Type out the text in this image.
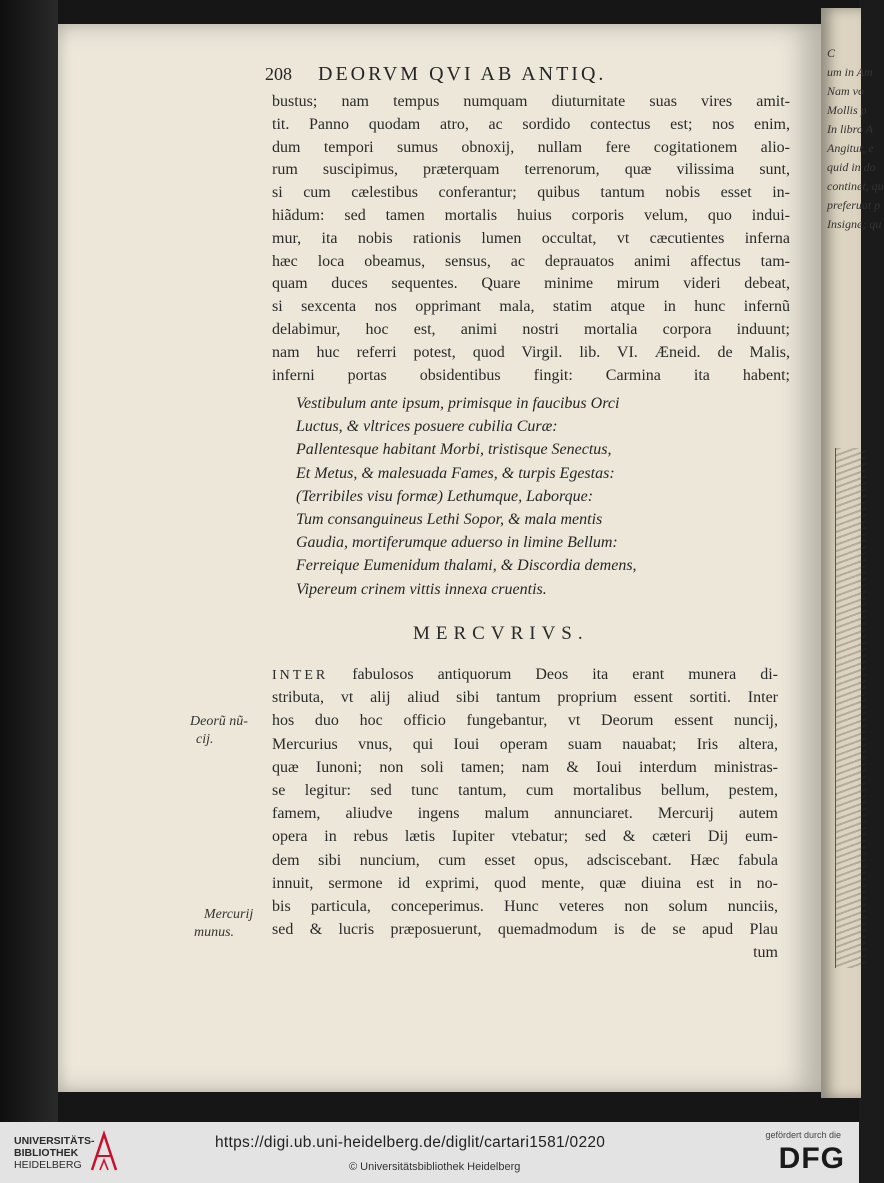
C
um in Am
Nam vo
Mollis p
In libro A
Angitur, e
quid in do
continet, qu
preferuat p
Insigne; qu
208 DEORVM QVI AB ANTIQ.
bustus; nam tempus numquam diuturnitate suas vires amit-
tit. Panno quodam atro, ac sordido contectus est; nos enim,
dum tempori sumus obnoxij, nullam fere cogitationem alio-
rum suscipimus, præterquam terrenorum, quæ vilissima sunt,
si cum cælestibus conferantur; quibus tantum nobis esset in-
hiãdum: sed tamen mortalis huius corporis velum, quo indui-
mur, ita nobis rationis lumen occultat, vt cæcutientes inferna
hæc loca obeamus, sensus, ac deprauatos animi affectus tam-
quam duces sequentes. Quare minime mirum videri debeat,
si sexcenta nos opprimant mala, statim atque in hunc infernũ
delabimur, hoc est, animi nostri mortalia corpora induunt;
nam huc referri potest, quod Virgil. lib. VI. Æneid. de Malis,
inferni portas obsidentibus fingit: Carmina ita habent;
Vestibulum ante ipsum, primisque in faucibus Orci
Luctus, & vltrices posuere cubilia Curæ:
Pallentesque habitant Morbi, tristisque Senectus,
Et Metus, & malesuada Fames, & turpis Egestas:
(Terribiles visu formæ) Lethumque, Laborque:
Tum consanguineus Lethi Sopor, & mala mentis
Gaudia, mortiferumque aduerso in limine Bellum:
Ferreique Eumenidum thalami, & Discordia demens,
Viperеum crinem vittis innexa cruentis.
MERCVRIVS.
INTER fabulosos antiquorum Deos ita erant munera di-
stributa, vt alij aliud sibi tantum proprium essent sortiti. Inter
hos duo hoc officio fungebantur, vt Deorum essent nuncij,
Mercurius vnus, qui Ioui operam suam nauabat; Iris altera,
quæ Iunoni; non soli tamen; nam & Ioui interdum ministras-
se legitur: sed tunc tantum, cum mortalibus bellum, pestem,
famem, aliudve ingens malum annunciaret. Mercurij autem
opera in rebus lætis Iupiter vtebatur; sed & cæteri Dij eum-
dem sibi nuncium, cum esset opus, adsciscebant. Hæc fabula
innuit, sermone id exprimi, quod mente, quæ diuina est in no-
bis particula, conceperimus. Hunc veteres non solum nunciis,
sed & lucris præposuerunt, quemadmodum is de se apud Plau
tum
Deorũ nũ-
cij.
Mercurij
munus.
UNIVERSITÄTS-
BIBLIOTHEK
HEIDELBERG
https://digi.ub.uni-heidelberg.de/diglit/cartari1581/0220
© Universitätsbibliothek Heidelberg
gefördert durch die
DFG
